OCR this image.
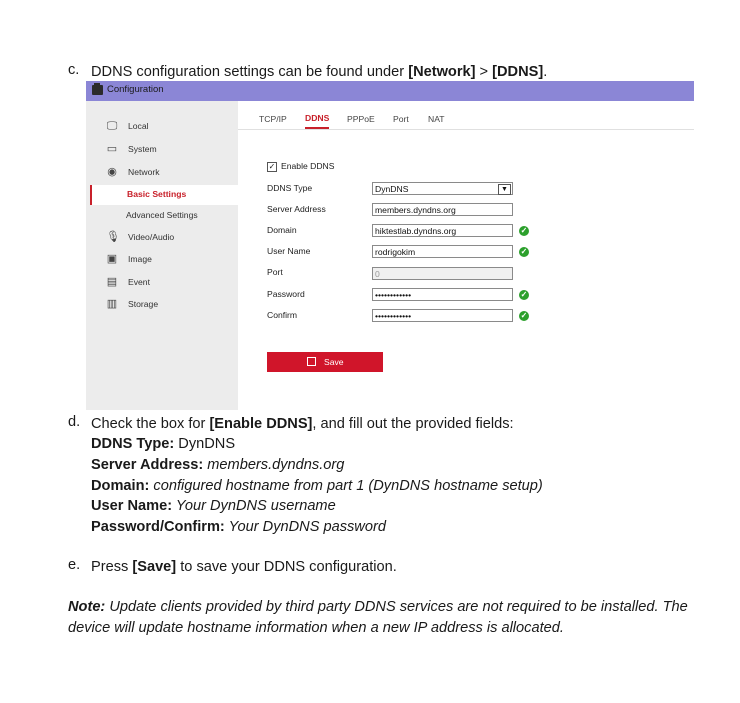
c. DDNS configuration settings can be found under [Network] > [DDNS].
Configuration
🖵 Local
▭ System
◉ Network
Basic Settings
Advanced Settings
🎙 Video/Audio
▣ Image
▤ Event
▥ Storage
TCP/IP DDNS PPPoE Port NAT
✓ Enable DDNS
DDNS Type	DynDNS	▼
Server Address	members.dyndns.org
Domain	hiktestlab.dyndns.org	✓
User Name	rodrigokim	✓
Port	0
Password	••••••••••••	✓
Confirm	••••••••••••	✓
Save
d. Check the box for [Enable DDNS], and fill out the provided fields:
DDNS Type: DynDNS
Server Address: members.dyndns.org
Domain: configured hostname from part 1 (DynDNS hostname setup)
User Name: Your DynDNS username
Password/Confirm: Your DynDNS password
e. Press [Save] to save your DDNS configuration.
Note: Update clients provided by third party DDNS services are not required to be installed. The
device will update hostname information when a new IP address is allocated.
